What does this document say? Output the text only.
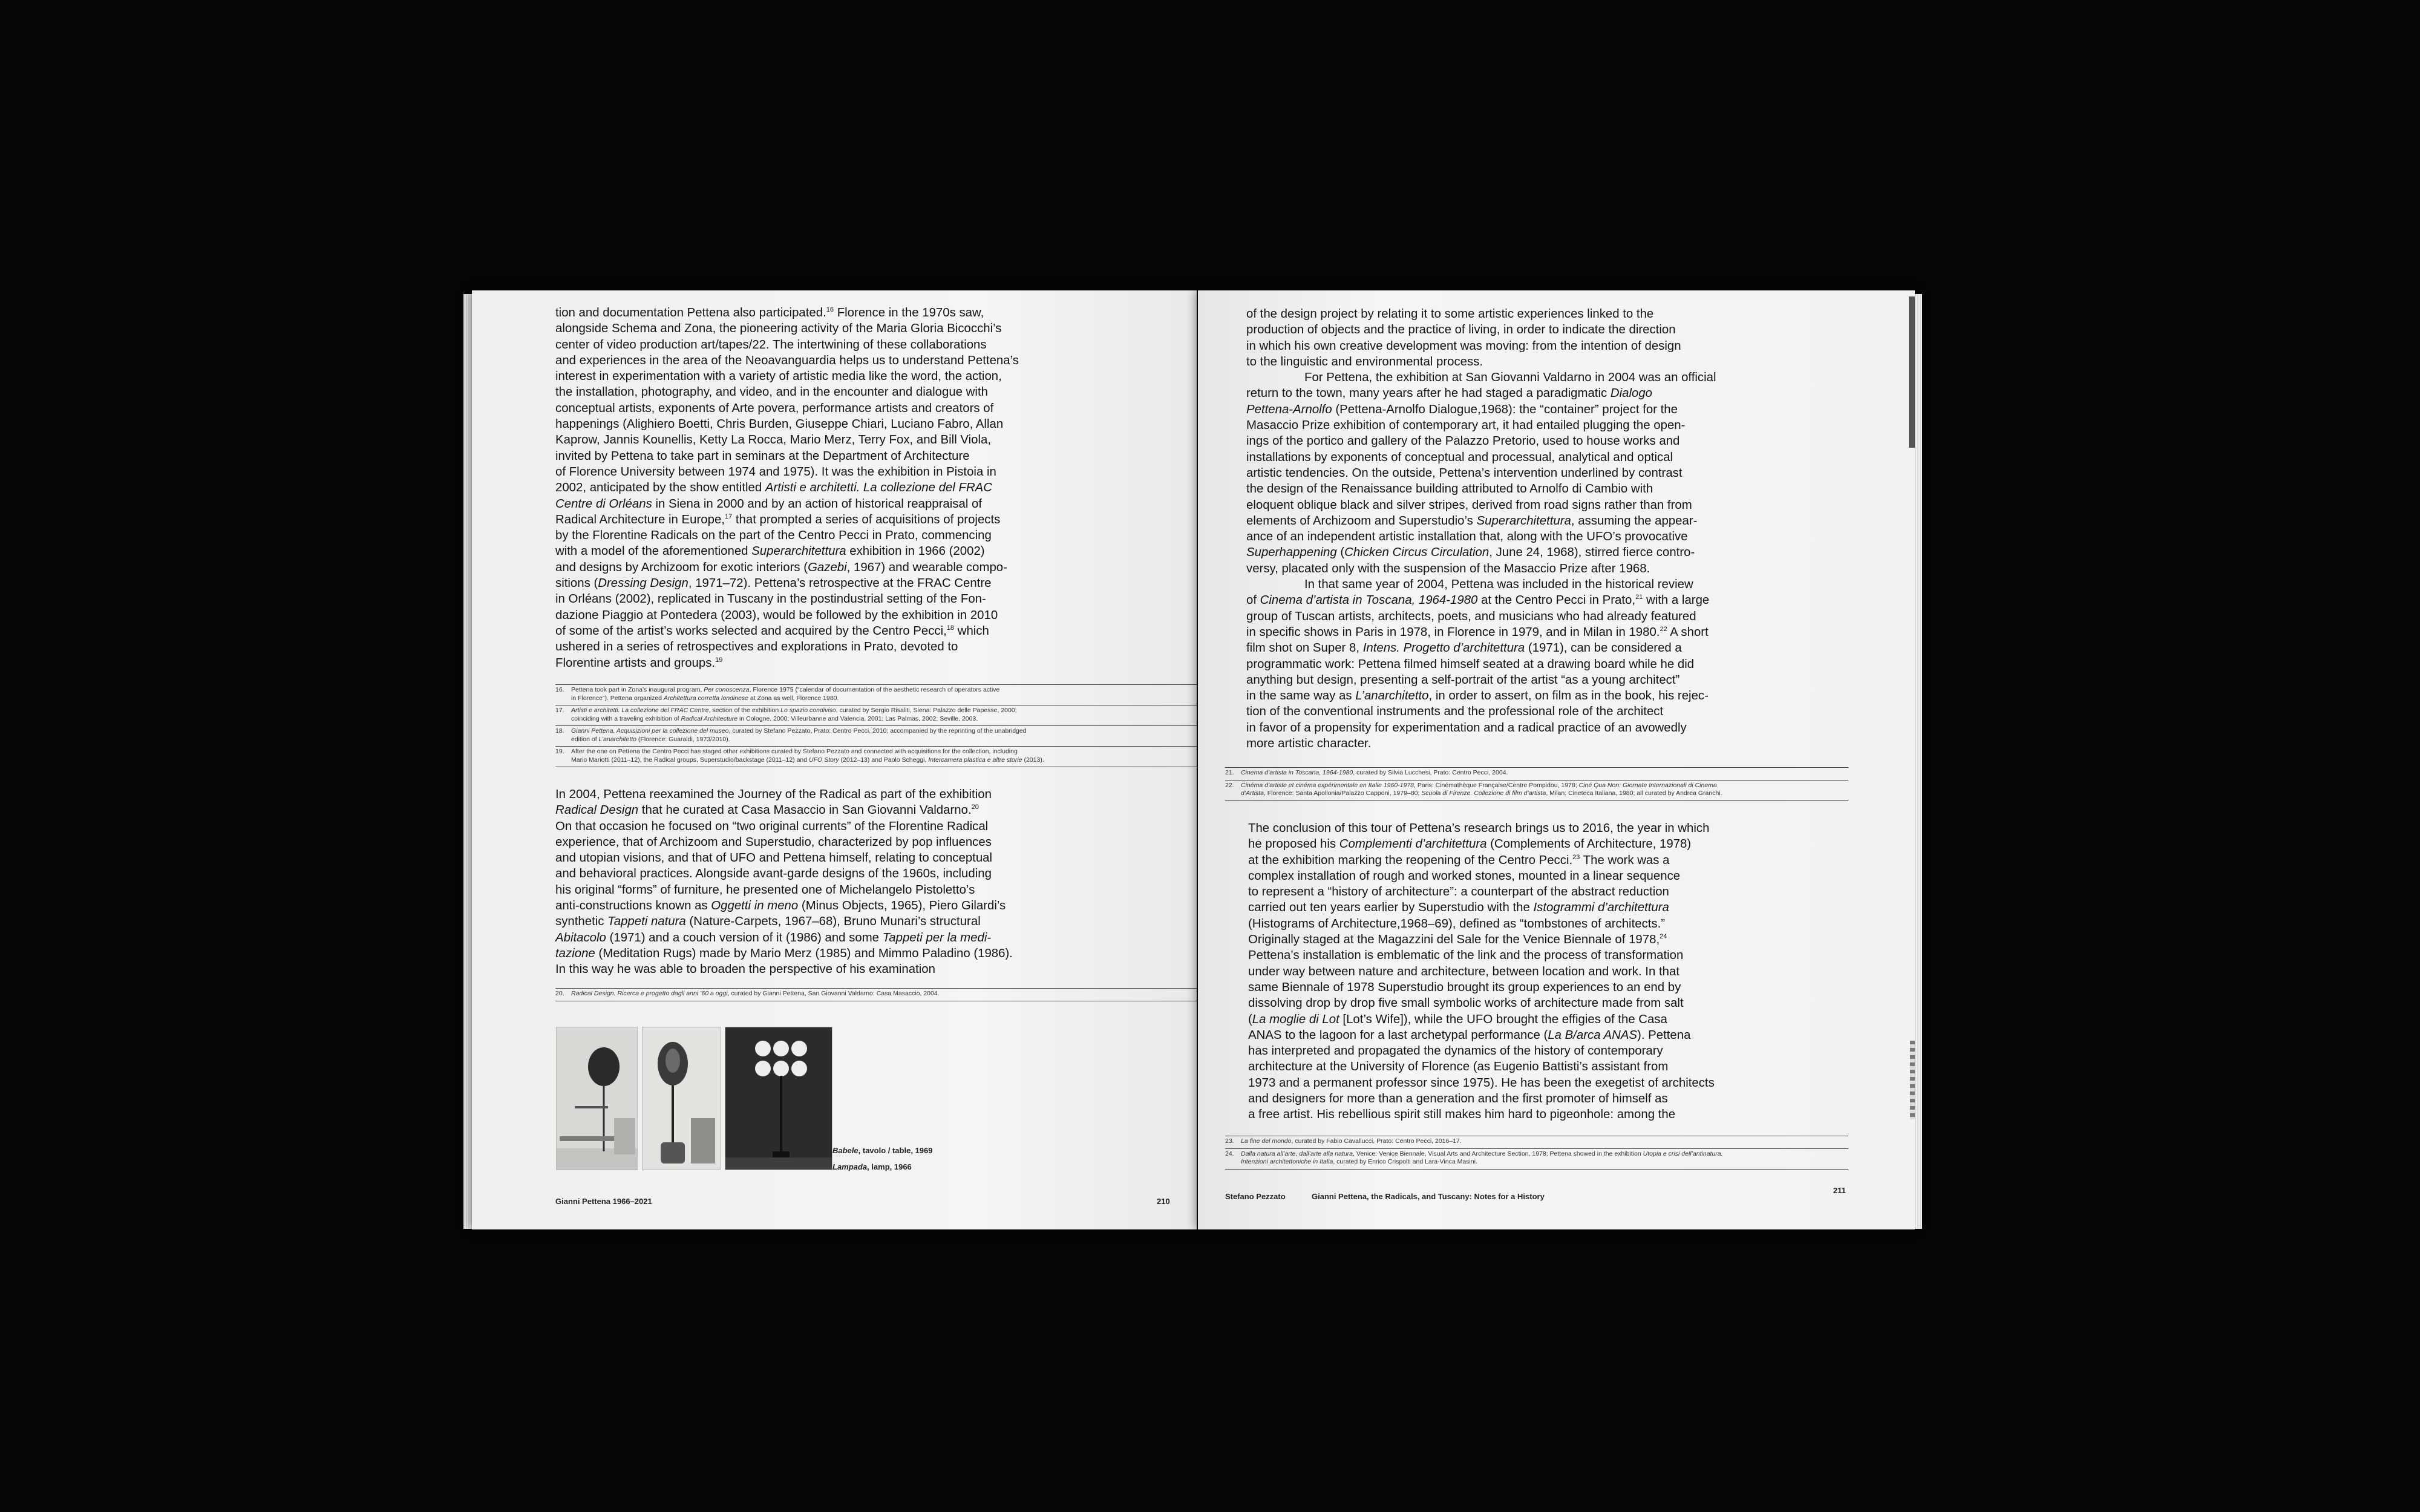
tion and documentation Pettena also participated.$^{16}$ Florence in the 1970s saw,

alongside Schema and Zona, the pioneering activity of the Maria Gloria Bicocchi’s

center of video production art/tapes/22. The intertwining of these collaborations

and experiences in the area of the Neoavanguardia helps us to understand Pettena’s

interest in experimentation with a variety of artistic media like the word, the action,

the installation, photography, and video, and in the encounter and dialogue with

conceptual artists, exponents of Arte povera, performance artists and creators of

happenings (Alighiero Boetti, Chris Burden, Giuseppe Chiari, Luciano Fabro, Allan

Kaprow, Jannis Kounellis, Ketty La Rocca, Mario Merz, Terry Fox, and Bill Viola,

invited by Pettena to take part in seminars at the Department of Architecture

of Florence University between 1974 and 1975). It was the exhibition in Pistoia in

2002, anticipated by the show entitled Artisti e architetti. La collezione del FRAC

Centre di Orléans in Siena in 2000 and by an action of historical reappraisal of

Radical Architecture in Europe,$^{17}$ that prompted a series of acquisitions of projects

by the Florentine Radicals on the part of the Centro Pecci in Prato, commencing

with a model of the aforementioned Superarchitettura exhibition in 1966 (2002)

and designs by Archizoom for exotic interiors (Gazebi, 1967) and wearable compo-

sitions (Dressing Design, 1971–72). Pettena’s retrospective at the FRAC Centre

in Orléans (2002), replicated in Tuscany in the postindustrial setting of the Fon-

dazione Piaggio at Pontedera (2003), would be followed by the exhibition in 2010

of some of the artist’s works selected and acquired by the Centro Pecci,$^{18}$ which

ushered in a series of retrospectives and explorations in Prato, devoted to

Florentine artists and groups.$^{19}$

16. Pettena took part in Zona’s inaugural program, Per conoscenza, Florence 1975 (“calendar of documentation of the aesthetic research of operators active
in Florence”). Pettena organized Architettura corretta londinese at Zona as well, Florence 1980.
17. Artisti e architetti. La collezione del FRAC Centre, section of the exhibition Lo spazio condiviso, curated by Sergio Risaliti, Siena: Palazzo delle Papesse, 2000;
coinciding with a traveling exhibition of Radical Architecture in Cologne, 2000; Villeurbanne and Valencia, 2001; Las Palmas, 2002; Seville, 2003.
18. Gianni Pettena. Acquisizioni per la collezione del museo, curated by Stefano Pezzato, Prato: Centro Pecci, 2010; accompanied by the reprinting of the unabridged
edition of L’anarchitetto (Florence: Guaraldi, 1973/2010).
19. After the one on Pettena the Centro Pecci has staged other exhibitions curated by Stefano Pezzato and connected with acquisitions for the collection, including
Mario Mariotti (2011–12), the Radical groups, Superstudio/backstage (2011–12) and UFO Story (2012–13) and Paolo Scheggi, Intercamera plastica e altre storie (2013).

In 2004, Pettena reexamined the Journey of the Radical as part of the exhibition

Radical Design that he curated at Casa Masaccio in San Giovanni Valdarno.$^{20}$

On that occasion he focused on “two original currents” of the Florentine Radical

experience, that of Archizoom and Superstudio, characterized by pop influences

and utopian visions, and that of UFO and Pettena himself, relating to conceptual

and behavioral practices. Alongside avant-garde designs of the 1960s, including

his original “forms” of furniture, he presented one of Michelangelo Pistoletto’s

anti-constructions known as Oggetti in meno (Minus Objects, 1965), Piero Gilardi’s

synthetic Tappeti natura (Nature-Carpets, 1967–68), Bruno Munari’s structural

Abitacolo (1971) and a couch version of it (1986) and some Tappeti per la medi-

tazione (Meditation Rugs) made by Mario Merz (1985) and Mimmo Paladino (1986).

In this way he was able to broaden the perspective of his examination

20. Radical Design. Ricerca e progetto dagli anni ’60 a oggi, curated by Gianni Pettena, San Giovanni Valdarno: Casa Masaccio, 2004.
Babele, tavolo / table, 1969
Lampada, lamp, 1966
Gianni Pettena 1966–2021	210

of the design project by relating it to some artistic experiences linked to the

production of objects and the practice of living, in order to indicate the direction

in which his own creative development was moving: from the intention of design

to the linguistic and environmental process.

For Pettena, the exhibition at San Giovanni Valdarno in 2004 was an official

return to the town, many years after he had staged a paradigmatic Dialogo

Pettena-Arnolfo (Pettena-Arnolfo Dialogue,1968): the “container” project for the

Masaccio Prize exhibition of contemporary art, it had entailed plugging the open-

ings of the portico and gallery of the Palazzo Pretorio, used to house works and

installations by exponents of conceptual and processual, analytical and optical

artistic tendencies. On the outside, Pettena’s intervention underlined by contrast

the design of the Renaissance building attributed to Arnolfo di Cambio with

eloquent oblique black and silver stripes, derived from road signs rather than from

elements of Archizoom and Superstudio’s Superarchitettura, assuming the appear-

ance of an independent artistic installation that, along with the UFO’s provocative

Superhappening (Chicken Circus Circulation, June 24, 1968), stirred fierce contro-

versy, placated only with the suspension of the Masaccio Prize after 1968.

In that same year of 2004, Pettena was included in the historical review

of Cinema d’artista in Toscana, 1964-1980 at the Centro Pecci in Prato,$^{21}$ with a large

group of Tuscan artists, architects, poets, and musicians who had already featured

in specific shows in Paris in 1978, in Florence in 1979, and in Milan in 1980.22 A short

film shot on Super 8, Intens. Progetto d’architettura (1971), can be considered a

programmatic work: Pettena filmed himself seated at a drawing board while he did

anything but design, presenting a self-portrait of the artist “as a young architect”

in the same way as L’anarchitetto, in order to assert, on film as in the book, his rejec-

tion of the conventional instruments and the professional role of the architect

in favor of a propensity for experimentation and a radical practice of an avowedly

more artistic character.

21. Cinema d’artista in Toscana, 1964-1980, curated by Silvia Lucchesi, Prato: Centro Pecci, 2004.
22. Cinéma d’artiste et cinéma expérimentale en Italie 1960-1978, Paris: Cinémathèque Française/Centre Pompidou, 1978; Ciné Qua Non: Giornate Internazionali di Cinema
d’Artista, Florence: Santa Apollonia/Palazzo Capponi, 1979–80; Scuola di Firenze. Collezione di film d’artista, Milan: Cineteca Italiana, 1980; all curated by Andrea Granchi.

The conclusion of this tour of Pettena’s research brings us to 2016, the year in which

he proposed his Complementi d’architettura (Complements of Architecture, 1978)

at the exhibition marking the reopening of the Centro Pecci.$^{23}$ The work was a

complex installation of rough and worked stones, mounted in a linear sequence

to represent a “history of architecture”: a counterpart of the abstract reduction

carried out ten years earlier by Superstudio with the Istogrammi d’architettura

(Histograms of Architecture,1968–69), defined as “tombstones of architects.”

Originally staged at the Magazzini del Sale for the Venice Biennale of 1978,24

Pettena’s installation is emblematic of the link and the process of transformation

under way between nature and architecture, between location and work. In that

same Biennale of 1978 Superstudio brought its group experiences to an end by

dissolving drop by drop five small symbolic works of architecture made from salt

(La moglie di Lot [Lot’s Wife]), while the UFO brought the effigies of the Casa

ANAS to the lagoon for a last archetypal performance (La B/arca ANAS). Pettena

has interpreted and propagated the dynamics of the history of contemporary

architecture at the University of Florence (as Eugenio Battisti’s assistant from

1973 and a permanent professor since 1975). He has been the exegetist of architects

and designers for more than a generation and the first promoter of himself as

a free artist. His rebellious spirit still makes him hard to pigeonhole: among the

23. La fine del mondo, curated by Fabio Cavallucci, Prato: Centro Pecci, 2016–17.
24. Dalla natura all’arte, dall’arte alla natura, Venice: Venice Biennale, Visual Arts and Architecture Section, 1978; Pettena showed in the exhibition Utopia e crisi dell’antinatura.
Intenzioni architettoniche in Italia, curated by Enrico Crispolti and Lara-Vinca Masini.
Stefano Pezzato	Gianni Pettena, the Radicals, and Tuscany: Notes for a History
211
